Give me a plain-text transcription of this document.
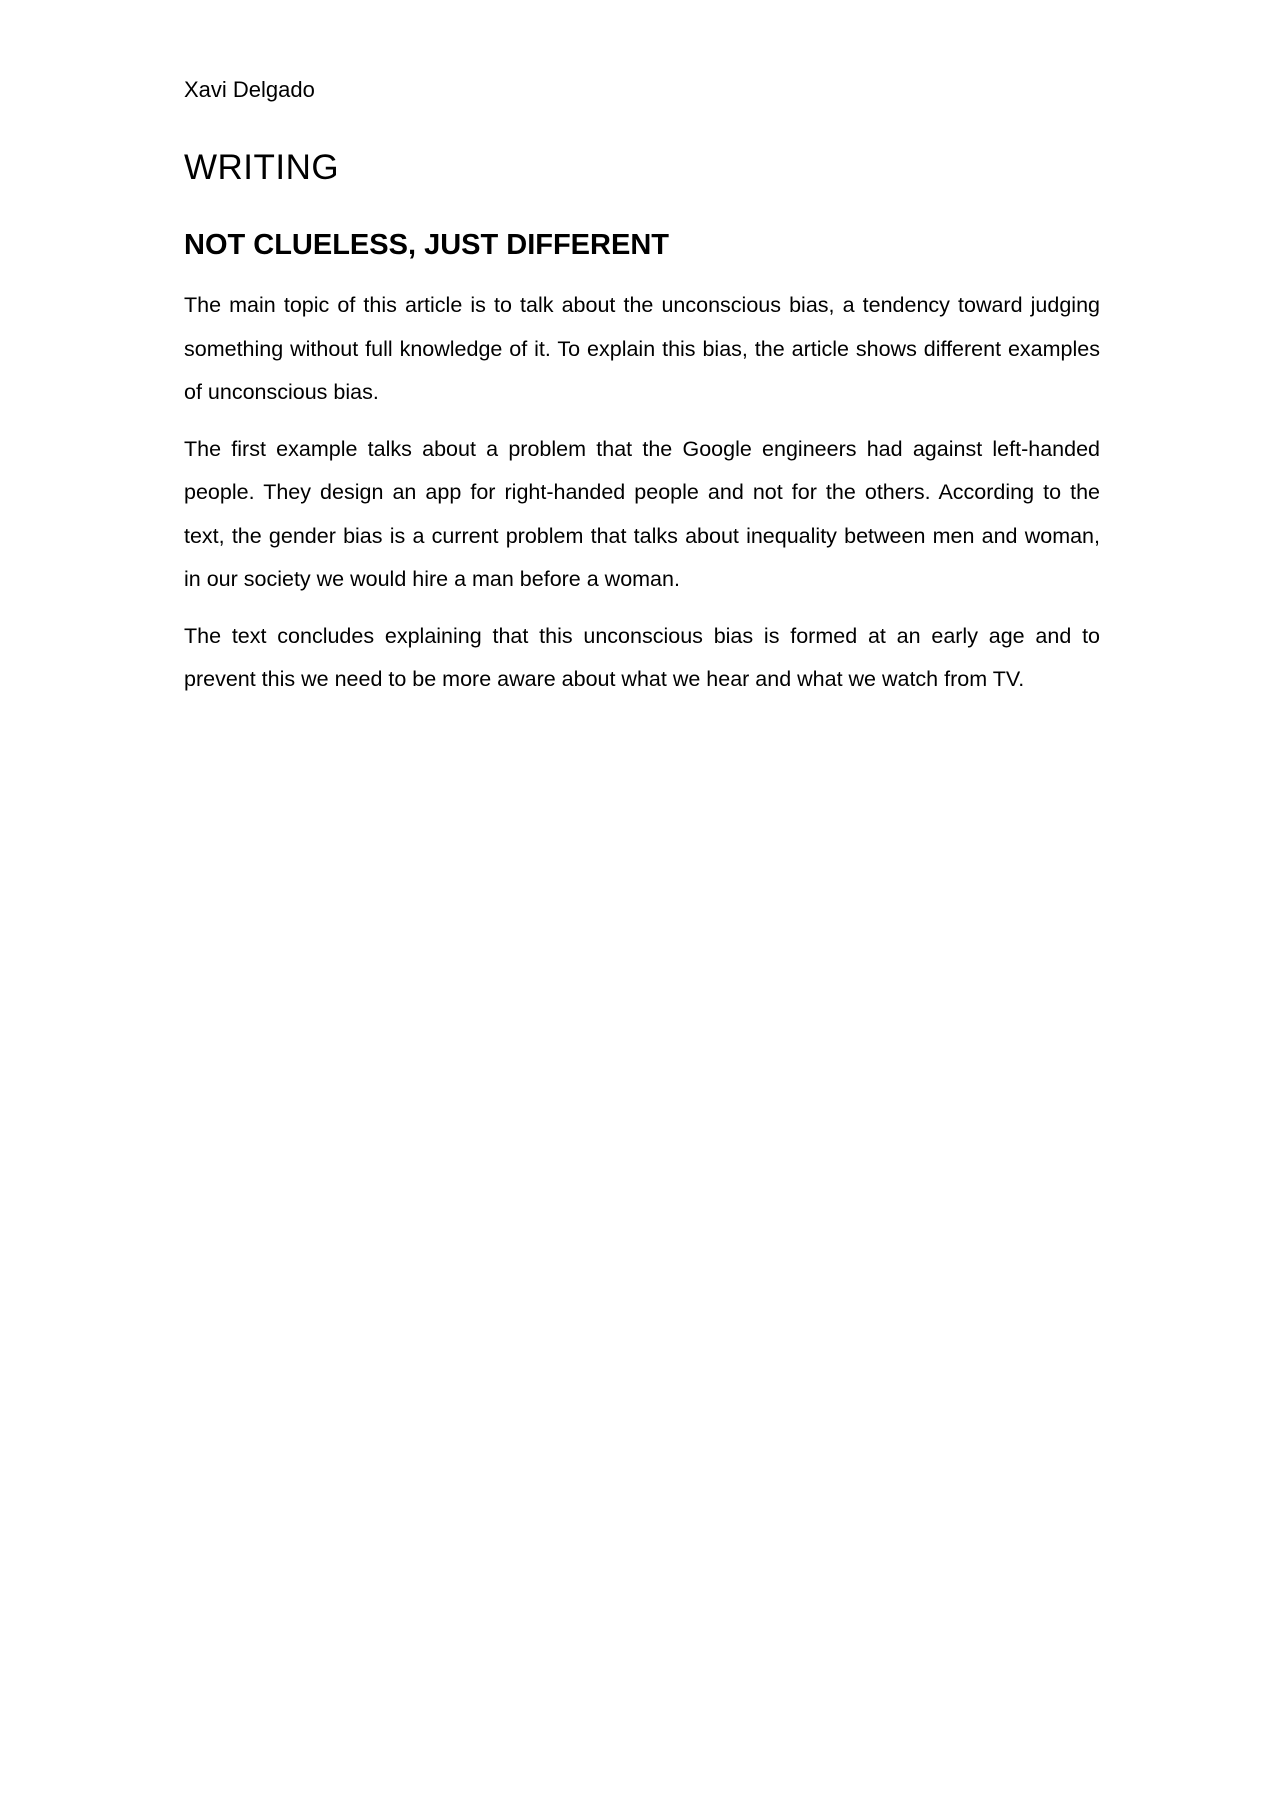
Xavi Delgado
WRITING
NOT CLUELESS, JUST DIFFERENT

The main topic of this article is to talk about the unconscious bias, a tendency toward judging something without full knowledge of it. To explain this bias, the article shows different examples of unconscious bias.

The first example talks about a problem that the Google engineers had against left-handed people. They design an app for right-handed people and not for the others. According to the text, the gender bias is a current problem that talks about inequality between men and woman, in our society we would hire a man before a woman.

The text concludes explaining that this unconscious bias is formed at an early age and to prevent this we need to be more aware about what we hear and what we watch from TV.
